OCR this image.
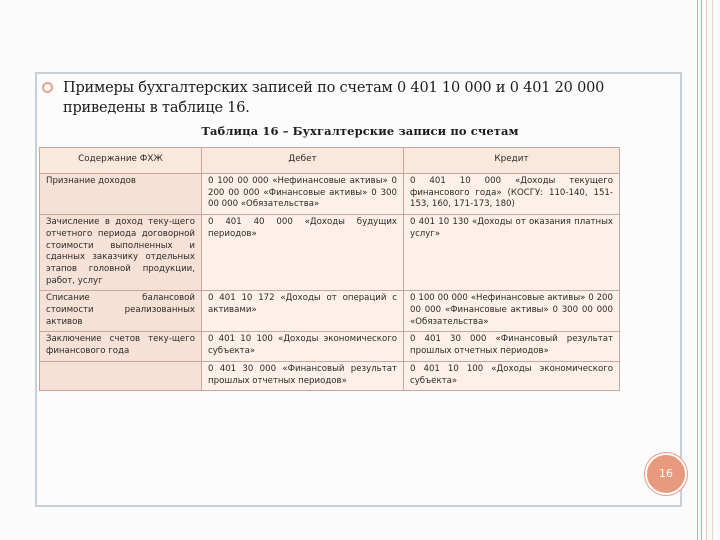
Примеры бухгалтерских записей по счетам 0 401 10 000 и 0 401 20 000 приведены в таблице 16.
Таблица 16 – Бухгалтерские записи по счетам
Содержание ФХЖ	Дебет	Кредит
Признание доходов	0 100 00 000 «Нефинансовые активы» 0 200 00 000 «Финансовые активы» 0 300 00 000 «Обязательства»	0 401 10 000 «Доходы текущего финансового года» (КОСГУ: 110-140, 151-153, 160, 171-173, 180)
Зачисление в доход теку-щего отчетного периода договорной стоимости выполненных и сданных заказчику отдельных этапов головной продукции, работ, услуг	0 401 40 000 «Доходы будущих периодов»	0 401 10 130 «Доходы от оказания платных услуг»
Списание балансовой стоимости реализованных активов	0 401 10 172 «Доходы от операций с активами»	0 100 00 000 «Нефинансовые активы» 0 200 00 000 «Финансовые активы» 0 300 00 000 «Обязательства»
Заключение счетов теку-щего финансового года	0 401 10 100 «Доходы экономического субъекта»	0 401 30 000 «Финансовый результат прошлых отчетных периодов»
	0 401 30 000 «Финансовый результат прошлых отчетных периодов»	0 401 10 100 «Доходы экономического субъекта»
16
